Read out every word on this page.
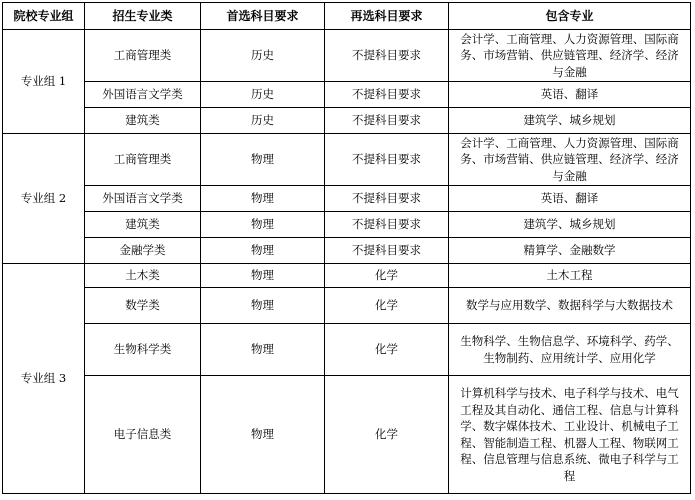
院校专业组	招生专业类	首选科目要求	再选科目要求	包含专业
专业组 1	工商管理类	历史	不提科目要求	会计学、工商管理、人力资源管理、国际商务、市场营销、供应链管理、经济学、经济与金融
	外国语言文学类	历史	不提科目要求	英语、翻译
	建筑类	历史	不提科目要求	建筑学、城乡规划
专业组 2	工商管理类	物理	不提科目要求	会计学、工商管理、人力资源管理、国际商务、市场营销、供应链管理、经济学、经济与金融
	外国语言文学类	物理	不提科目要求	英语、翻译
	建筑类	物理	不提科目要求	建筑学、城乡规划
	金融学类	物理	不提科目要求	精算学、金融数学
专业组 3	土木类	物理	化学	土木工程
	数学类	物理	化学	数学与应用数学、数据科学与大数据技术
	生物科学类	物理	化学	生物科学、生物信息学、环境科学、药学、生物制药、应用统计学、应用化学
	电子信息类	物理	化学	计算机科学与技术、电子科学与技术、电气工程及其自动化、通信工程、信息与计算科学、数字媒体技术、工业设计、机械电子工程、智能制造工程、机器人工程、物联网工程、信息管理与信息系统、微电子科学与工程
